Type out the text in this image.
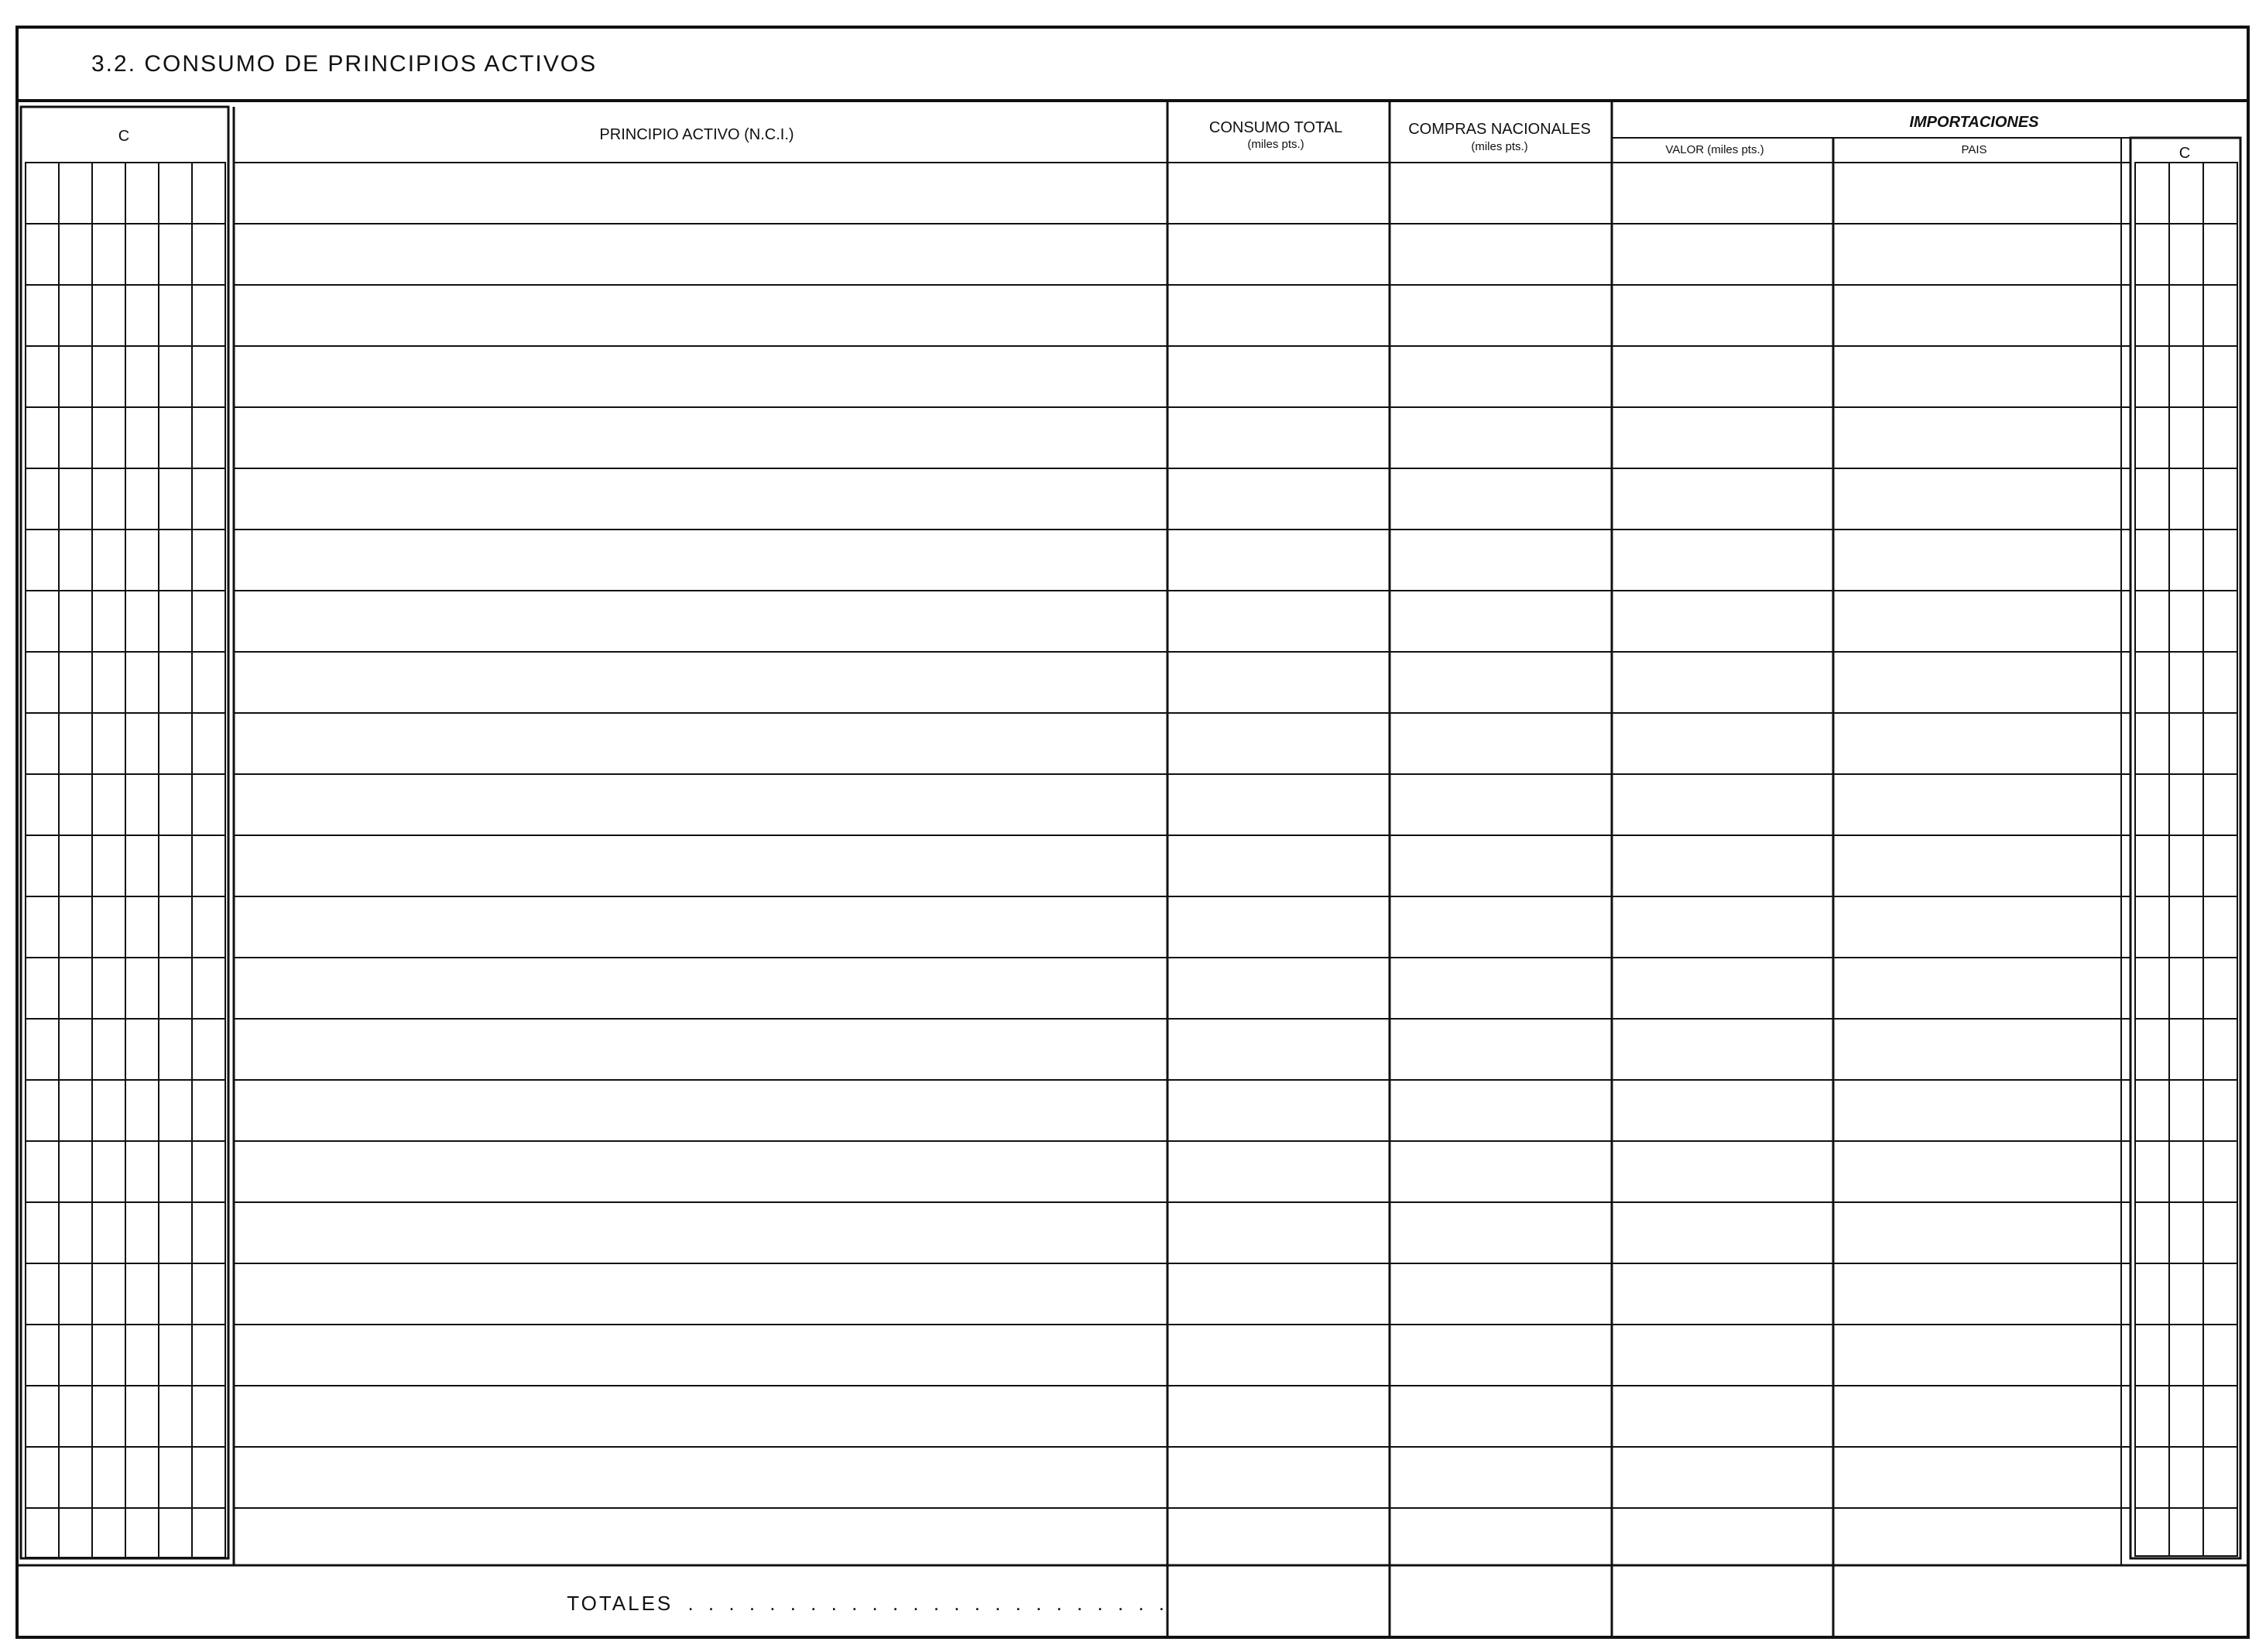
3.2. CONSUMO DE PRINCIPIOS ACTIVOS
C
C
PRINCIPIO ACTIVO (N.C.I.)	CONSUMO TOTAL
(miles pts.)
COMPRAS NACIONALES
(miles pts.)
IMPORTACIONES
VALOR (miles pts.)	PAIS
TOTALES . . . . . . . . . . . . . . . . . . . . . . . .
